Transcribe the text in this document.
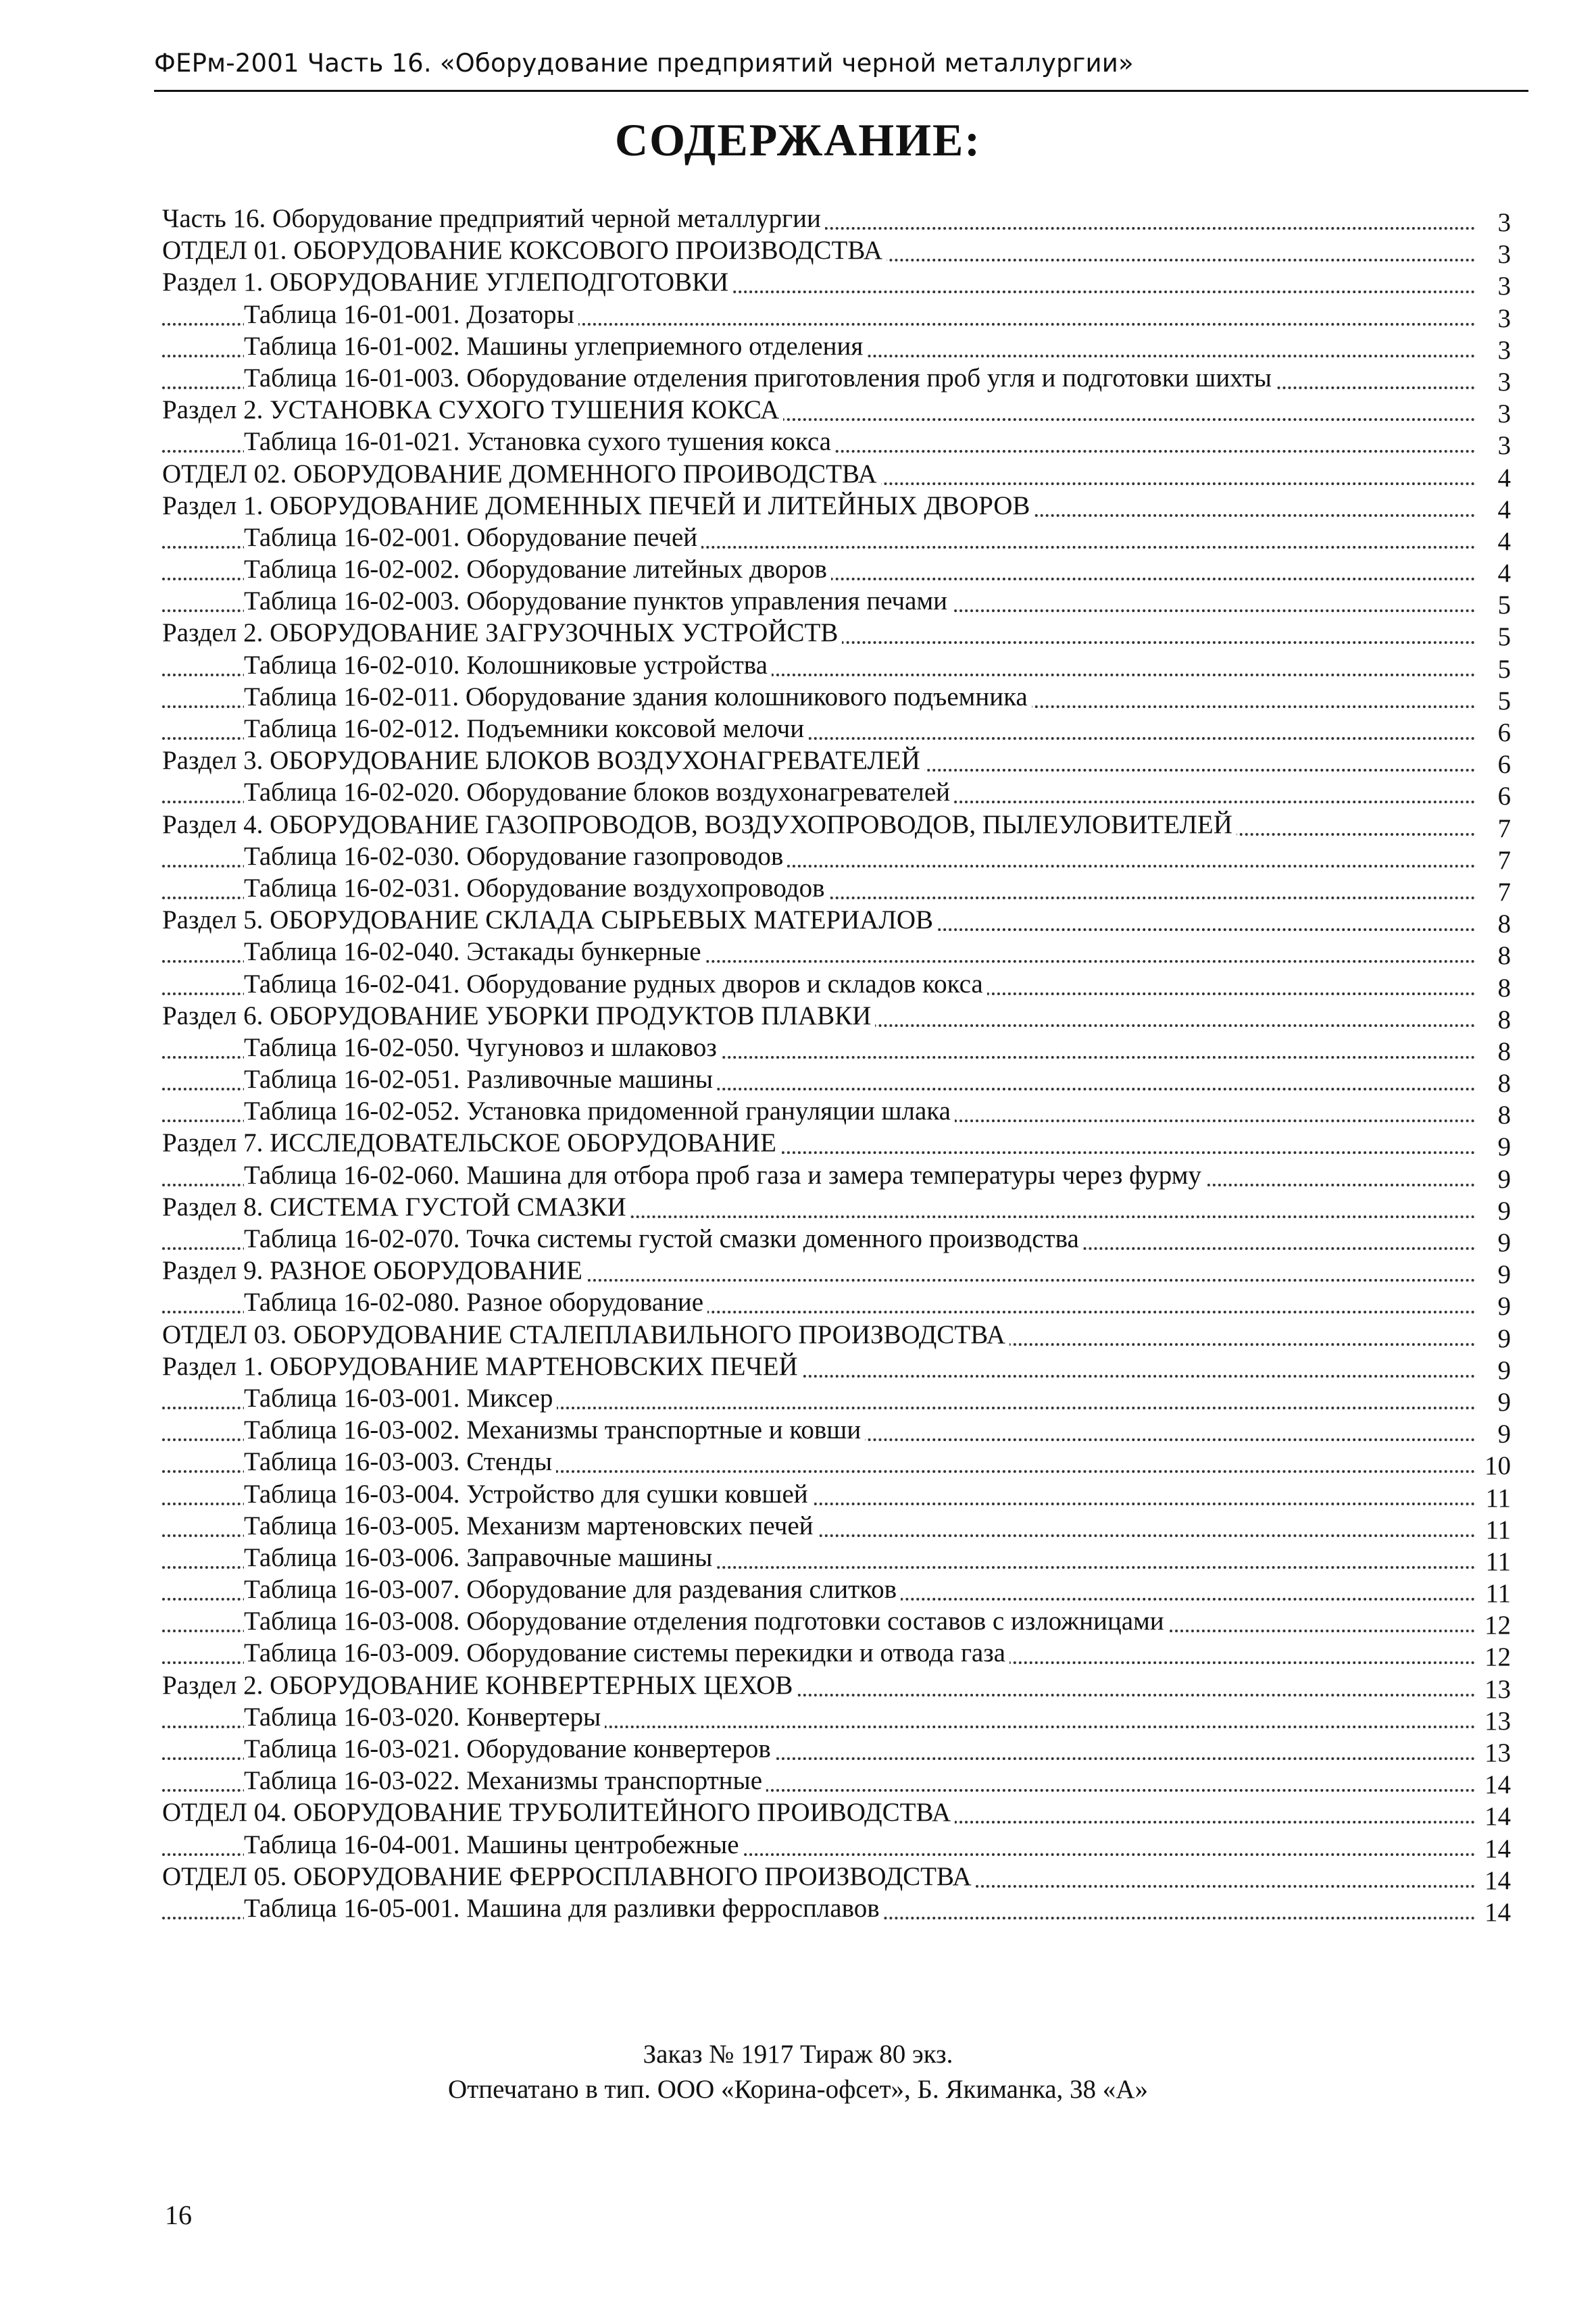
ФЕРм-2001 Часть 16. «Оборудование предприятий черной металлургии»
СОДЕРЖАНИЕ:
Часть 16. Оборудование предприятий черной металлургии	3
ОТДЕЛ 01. ОБОРУДОВАНИЕ КОКСОВОГО ПРОИЗВОДСТВА	3
Раздел 1. ОБОРУДОВАНИЕ УГЛЕПОДГОТОВКИ	3
Таблица 16-01-001. Дозаторы	3
Таблица 16-01-002. Машины углеприемного отделения	3
Таблица 16-01-003. Оборудование отделения приготовления проб угля и подготовки шихты	3
Раздел 2. УСТАНОВКА СУХОГО ТУШЕНИЯ КОКСА	3
Таблица 16-01-021. Установка сухого тушения кокса	3
ОТДЕЛ 02. ОБОРУДОВАНИЕ ДОМЕННОГО ПРОИВОДСТВА	4
Раздел 1. ОБОРУДОВАНИЕ ДОМЕННЫХ ПЕЧЕЙ И ЛИТЕЙНЫХ ДВОРОВ	4
Таблица 16-02-001. Оборудование печей	4
Таблица 16-02-002. Оборудование литейных дворов	4
Таблица 16-02-003. Оборудование пунктов управления печами	5
Раздел 2. ОБОРУДОВАНИЕ ЗАГРУЗОЧНЫХ УСТРОЙСТВ	5
Таблица 16-02-010. Колошниковые устройства	5
Таблица 16-02-011. Оборудование здания колошникового подъемника	5
Таблица 16-02-012. Подъемники коксовой мелочи	6
Раздел 3. ОБОРУДОВАНИЕ БЛОКОВ ВОЗДУХОНАГРЕВАТЕЛЕЙ	6
Таблица 16-02-020. Оборудование блоков воздухонагревателей	6
Раздел 4. ОБОРУДОВАНИЕ ГАЗОПРОВОДОВ, ВОЗДУХОПРОВОДОВ, ПЫЛЕУЛОВИТЕЛЕЙ	7
Таблица 16-02-030. Оборудование газопроводов	7
Таблица 16-02-031. Оборудование воздухопроводов	7
Раздел 5. ОБОРУДОВАНИЕ СКЛАДА СЫРЬЕВЫХ МАТЕРИАЛОВ	8
Таблица 16-02-040. Эстакады бункерные	8
Таблица 16-02-041. Оборудование рудных дворов и складов кокса	8
Раздел 6. ОБОРУДОВАНИЕ УБОРКИ ПРОДУКТОВ ПЛАВКИ	8
Таблица 16-02-050. Чугуновоз и шлаковоз	8
Таблица 16-02-051. Разливочные машины	8
Таблица 16-02-052. Установка придоменной грануляции шлака	8
Раздел 7. ИССЛЕДОВАТЕЛЬСКОЕ ОБОРУДОВАНИЕ	9
Таблица 16-02-060. Машина для отбора проб газа и замера температуры через фурму	9
Раздел 8. СИСТЕМА ГУСТОЙ СМАЗКИ	9
Таблица 16-02-070. Точка системы густой смазки доменного производства	9
Раздел 9. РАЗНОЕ ОБОРУДОВАНИЕ	9
Таблица 16-02-080. Разное оборудование	9
ОТДЕЛ 03. ОБОРУДОВАНИЕ СТАЛЕПЛАВИЛЬНОГО ПРОИЗВОДСТВА	9
Раздел 1. ОБОРУДОВАНИЕ МАРТЕНОВСКИХ ПЕЧЕЙ	9
Таблица 16-03-001. Миксер	9
Таблица 16-03-002. Механизмы транспортные и ковши	9
Таблица 16-03-003. Стенды	10
Таблица 16-03-004. Устройство для сушки ковшей	11
Таблица 16-03-005. Механизм мартеновских печей	11
Таблица 16-03-006. Заправочные машины	11
Таблица 16-03-007. Оборудование для раздевания слитков	11
Таблица 16-03-008. Оборудование отделения подготовки составов с изложницами	12
Таблица 16-03-009. Оборудование системы перекидки и отвода газа	12
Раздел 2. ОБОРУДОВАНИЕ КОНВЕРТЕРНЫХ ЦЕХОВ	13
Таблица 16-03-020. Конвертеры	13
Таблица 16-03-021. Оборудование конвертеров	13
Таблица 16-03-022. Механизмы транспортные	14
ОТДЕЛ 04. ОБОРУДОВАНИЕ ТРУБОЛИТЕЙНОГО ПРОИВОДСТВА	14
Таблица 16-04-001. Машины центробежные	14
ОТДЕЛ 05. ОБОРУДОВАНИЕ ФЕРРОСПЛАВНОГО ПРОИЗВОДСТВА	14
Таблица 16-05-001. Машина для разливки ферросплавов	14
Заказ № 1917 Тираж 80 экз.
Отпечатано в тип. ООО «Корина-офсет», Б. Якиманка, 38 «А»
16
